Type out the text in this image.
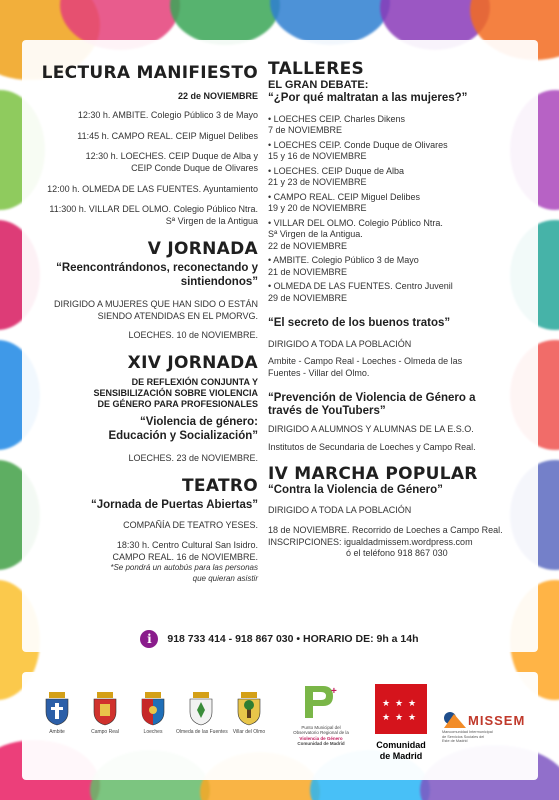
LECTURA MANIFIESTO
22 de NOVIEMBRE
12:30 h. AMBITE. Colegio Público 3 de Mayo
11:45 h. CAMPO REAL. CEIP Miguel Delibes
12:30 h. LOECHES. CEIP Duque de Alba y
CEIP Conde Duque de Olivares
12:00 h. OLMEDA DE LAS FUENTES. Ayuntamiento
11:300 h. VILLAR DEL OLMO. Colegio Público Ntra.
Sª Virgen de la Antigua
V JORNADA
“Reencontrándonos, reconectando y
sintiendonos”
DIRIGIDO A MUJERES QUE HAN SIDO O ESTÁN
SIENDO ATENDIDAS EN EL PMORVG.
LOECHES. 10 de NOVIEMBRE.
XIV JORNADA
DE REFLEXIÓN CONJUNTA Y
SENSIBILIZACIÓN SOBRE VIOLENCIA
DE GÉNERO PARA PROFESIONALES
“Violencia de género:
Educación y Socialización”
LOECHES. 23 de NOVIEMBRE.
TEATRO
“Jornada de Puertas Abiertas”
COMPAÑÍA DE TEATRO YESES.
18:30 h. Centro Cultural San Isidro.
CAMPO REAL. 16 de NOVIEMBRE.
*Se pondrá un autobús para las personas
que quieran asistir
TALLERES
EL GRAN DEBATE:
“¿Por qué maltratan a las mujeres?”
• LOECHES CEIP. Charles Dikens
7 de NOVIEMBRE
• LOECHES CEIP. Conde Duque de Olivares
15 y 16 de NOVIEMBRE
• LOECHES. CEIP Duque de Alba
21 y 23 de NOVIEMBRE
• CAMPO REAL. CEIP Miguel Delibes
19 y 20 de NOVIEMBRE
• VILLAR DEL OLMO. Colegio Público Ntra.
Sª Virgen de la Antigua.
22 de NOVIEMBRE
• AMBITE. Colegio Público 3 de Mayo
21 de NOVIEMBRE
• OLMEDA DE LAS FUENTES. Centro Juvenil
29 de NOVIEMBRE
“El secreto de los buenos tratos”
DIRIGIDO A TODA LA POBLACIÓN
Ambite - Campo Real - Loeches - Olmeda de las
Fuentes - Villar del Olmo.
“Prevención de Violencia de Género a
través de YouTubers”
DIRIGIDO A ALUMNOS Y ALUMNAS DE LA E.S.O.
Institutos de Secundaria de Loeches y Campo Real.
IV MARCHA POPULAR
“Contra la Violencia de Género”
DIRIGIDO A TODA LA POBLACIÓN
18 de NOVIEMBRE. Recorrido de Loeches a Campo Real.
INSCRIPCIONES: igualdadmissem.wordpress.com
ó el teléfono 918 867 030
i 918 733 414 - 918 867 030 • HORARIO DE: 9h a 14h
Ambite	Campo Real	Loeches	Olmeda de las Fuentes	Villar del Olmo
+
Punto Municipal del
Observatorio Regional de la
Violencia de Género
Comunidad de Madrid
★ ★ ★
★ ★ ★
Comunidad
de Madrid
MISSEM
Mancomunidad Intermunicipal
de Servicios Sociales del
Este de Madrid
